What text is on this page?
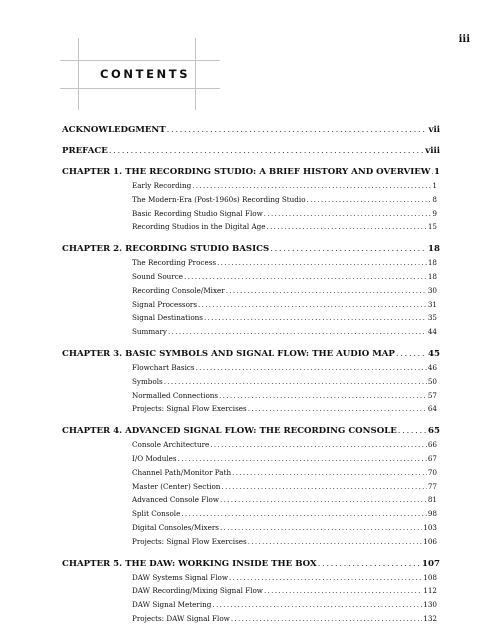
iii
CONTENTS
ACKNOWLEDGMENT .....	vii
PREFACE .....	viii
CHAPTER 1. THE RECORDING STUDIO: A BRIEF HISTORY AND OVERVIEW ..... 1
Early Recording .....	1
The Modern-Era (Post-1960s) Recording Studio .....	8
Basic Recording Studio Signal Flow .....	9
Recording Studios in the Digital Age .....	15
CHAPTER 2. RECORDING STUDIO BASICS .....	18
The Recording Process .....	18
Sound Source .....	18
Recording Console/Mixer .....	30
Signal Processors .....	31
Signal Destinations .....	35
Summary .....	44
CHAPTER 3. BASIC SYMBOLS AND SIGNAL FLOW: THE AUDIO MAP .....	45
Flowchart Basics .....	46
Symbols .....	50
Normalled Connections .....	57
Projects: Signal Flow Exercises .....	64
CHAPTER 4. ADVANCED SIGNAL FLOW: THE RECORDING CONSOLE .....	65
Console Architecture .....	66
I/O Modules .....	67
Channel Path/Monitor Path .....	70
Master (Center) Section .....	77
Advanced Console Flow .....	81
Split Console .....	98
Digital Consoles/Mixers .....	103
Projects: Signal Flow Exercises .....	106
CHAPTER 5. THE DAW: WORKING INSIDE THE BOX .....	107
DAW Systems Signal Flow .....	108
DAW Recording/Mixing Signal Flow .....	112
DAW Signal Metering .....	130
Projects: DAW Signal Flow .....	132
